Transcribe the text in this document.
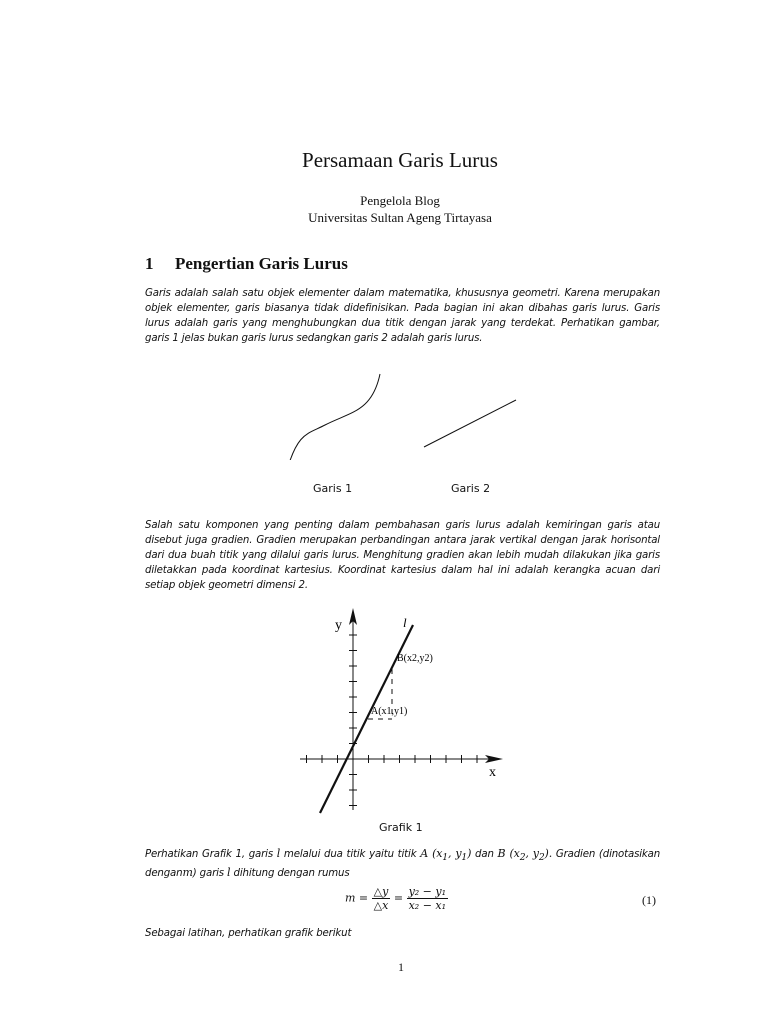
Persamaan Garis Lurus
Pengelola Blog
Universitas Sultan Ageng Tirtayasa
1 Pengertian Garis Lurus
Garis adalah salah satu objek elementer dalam matematika, khususnya geometri. Karena merupakan objek elementer, garis biasanya tidak didefinisikan. Pada bagian ini akan dibahas garis lurus. Garis lurus adalah garis yang menghubungkan dua titik dengan jarak yang terdekat. Perhatikan gambar, garis 1 jelas bukan garis lurus sedangkan garis 2 adalah garis lurus.
Garis 1	Garis 2
Salah satu komponen yang penting dalam pembahasan garis lurus adalah kemiringan garis atau disebut juga gradien. Gradien merupakan perbandingan antara jarak vertikal dengan jarak horisontal dari dua buah titik yang dilalui garis lurus. Menghitung gradien akan lebih mudah dilakukan jika garis diletakkan pada koordinat kartesius. Koordinat kartesius dalam hal ini adalah kerangka acuan dari setiap objek geometri dimensi 2.
y
x
l
B(x2,y2)
A(x1,y1)
Grafik 1
Perhatikan Grafik 1, garis l melalui dua titik yaitu titik A ($x_1$, $y_1$) dan B ($x_2$, $y_2$). Gradien (dinotasikan denganm) garis l dihitung dengan rumus
$m = \frac{\triangle y}{\triangle x} = \frac{\text{y₂ − y₁}}{\text{x₂ − x₁}}$	(1)
Sebagai latihan, perhatikan grafik berikut
1
